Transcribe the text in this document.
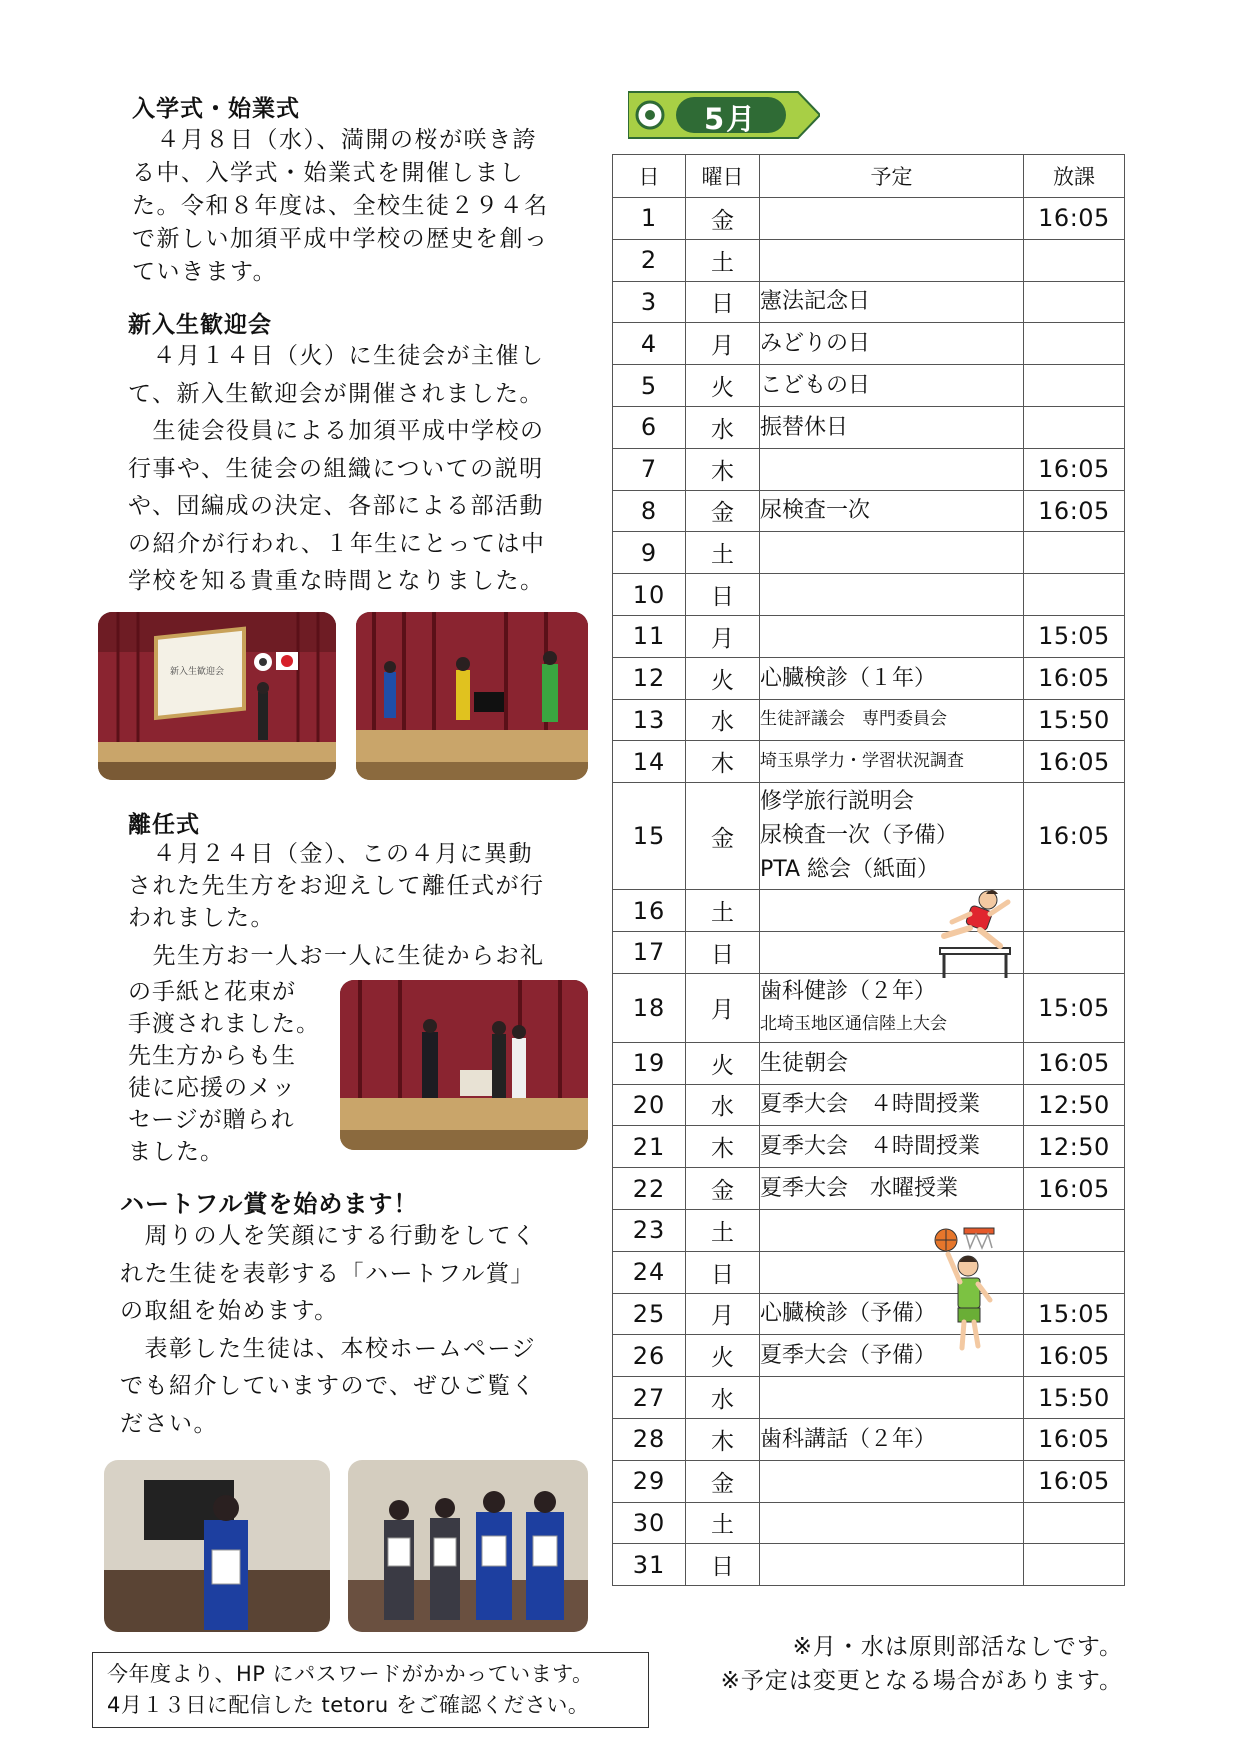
入学式・始業式
　４月８日（水）、満開の桜が咲き誇
る中、入学式・始業式を開催しまし
た。令和８年度は、全校生徒２９４名
で新しい加須平成中学校の歴史を創っ
ていきます。
新入生歓迎会
　４月１４日（火）に生徒会が主催し
て、新入生歓迎会が開催されました。
　生徒会役員による加須平成中学校の
行事や、生徒会の組織についての説明
や、団編成の決定、各部による部活動
の紹介が行われ、１年生にとっては中
学校を知る貴重な時間となりました。
新入生歓迎会
離任式
　４月２４日（金）、この４月に異動
された先生方をお迎えして離任式が行
われました。
　先生方お一人お一人に生徒からお礼
の手紙と花束が
手渡されました。
先生方からも生
徒に応援のメッ
セージが贈られ
ました。
ハートフル賞を始めます！
　周りの人を笑顔にする行動をしてく
れた生徒を表彰する「ハートフル賞」
の取組を始めます。
　表彰した生徒は、本校ホームページ
でも紹介していますので、ぜひご覧く
ださい。
今年度より、HP にパスワードがかかっています。
4月１３日に配信した tetoru をご確認ください。
5月
日	曜日	予定	放課
1	金		16:05
2	土		
3	日	憲法記念日	

4	月	みどりの日	

5	火	こどもの日	

6	水	振替休日	

7	木		16:05
8	金	尿検査一次	16:05
9	土		
10	日		
11	月		15:05
12	火	心臓検診（１年）	16:05
13	水	生徒評議会　専門委員会	15:50
14	木	埼玉県学力・学習状況調査	16:05
15	金	修学旅行説明会
尿検査一次（予備）
PTA 総会（紙面）	16:05
16	土		
17	日		
18	月	歯科健診（２年）
北埼玉地区通信陸上大会	15:05
19	火	生徒朝会	16:05
20	水	夏季大会　４時間授業	12:50
21	木	夏季大会　４時間授業	12:50
22	金	夏季大会　水曜授業	16:05
23	土		
24	日		
25	月	心臓検診（予備）	15:05
26	火	夏季大会（予備）	16:05
27	水		15:50
28	木	歯科講話（２年）	16:05
29	金		16:05
30	土		
31	日		
※月・水は原則部活なしです。
※予定は変更となる場合があります。
